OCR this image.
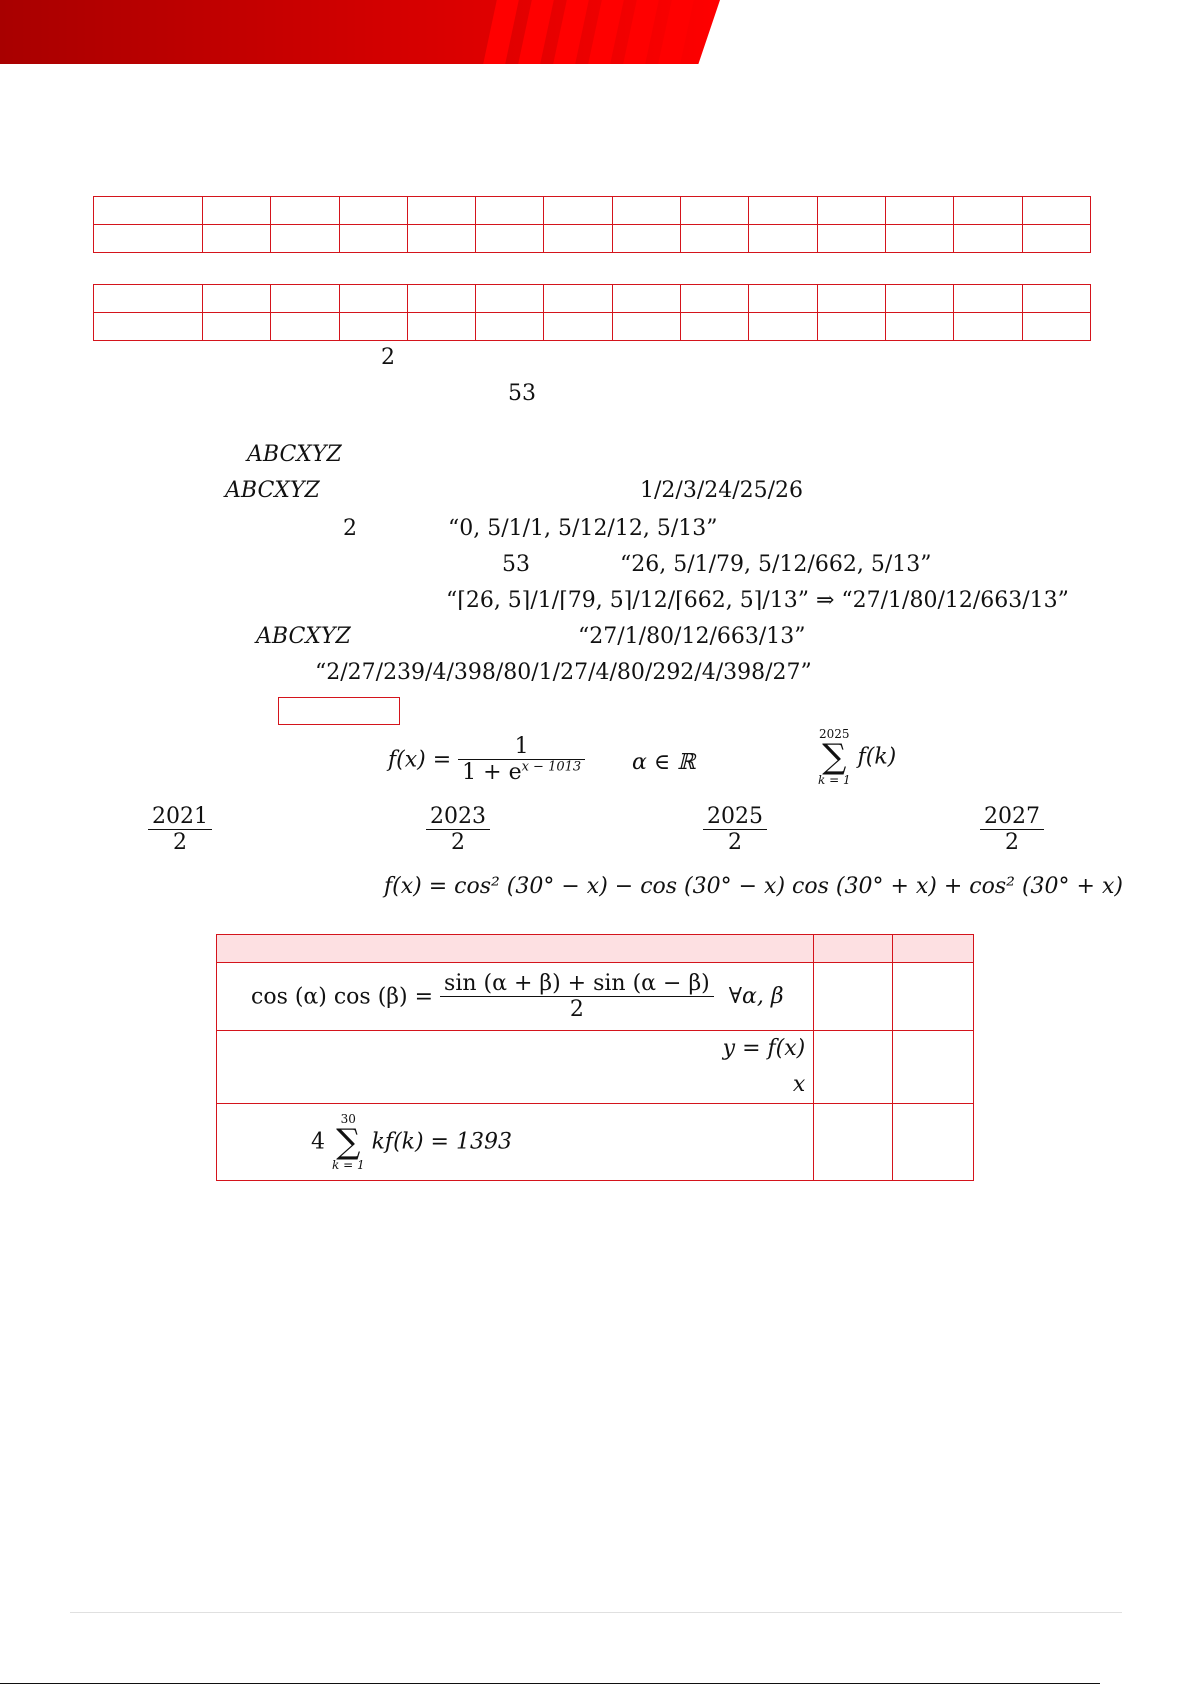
2
53
ABCXYZ
ABCXYZ	1/2/3/24/25/26
2	“0, 5/1/1, 5/12/12, 5/13”
53	“26, 5/1/79, 5/12/662, 5/13”
“⌈26, 5⌉/1/⌈79, 5⌉/12/⌈662, 5⌉/13” ⇒ “27/1/80/12/663/13”
ABCXYZ	“27/1/80/12/663/13”
“2/27/239/4/398/80/1/27/4/80/292/4/398/27”
$f(x) = \frac{1}{1 + e^{x - 1013}}$ α ∈ ℝ
2025
∑
k = 1
f(k)
$\frac{2021}{2}$	$\frac{2023}{2}$	$\frac{2025}{2}$	$\frac{2027}{2}$
f(x) = cos² (30° − x) − cos (30° − x) cos (30° + x) + cos² (30° + x)

cos (α) $\cos (\beta) = \frac{\sin (\alpha + \beta) + \sin (\alpha - \beta)}{2}$ ∀α, β		

y = f(x)
x		

4
30
∑
k = 1
kf(k) = 1393		
